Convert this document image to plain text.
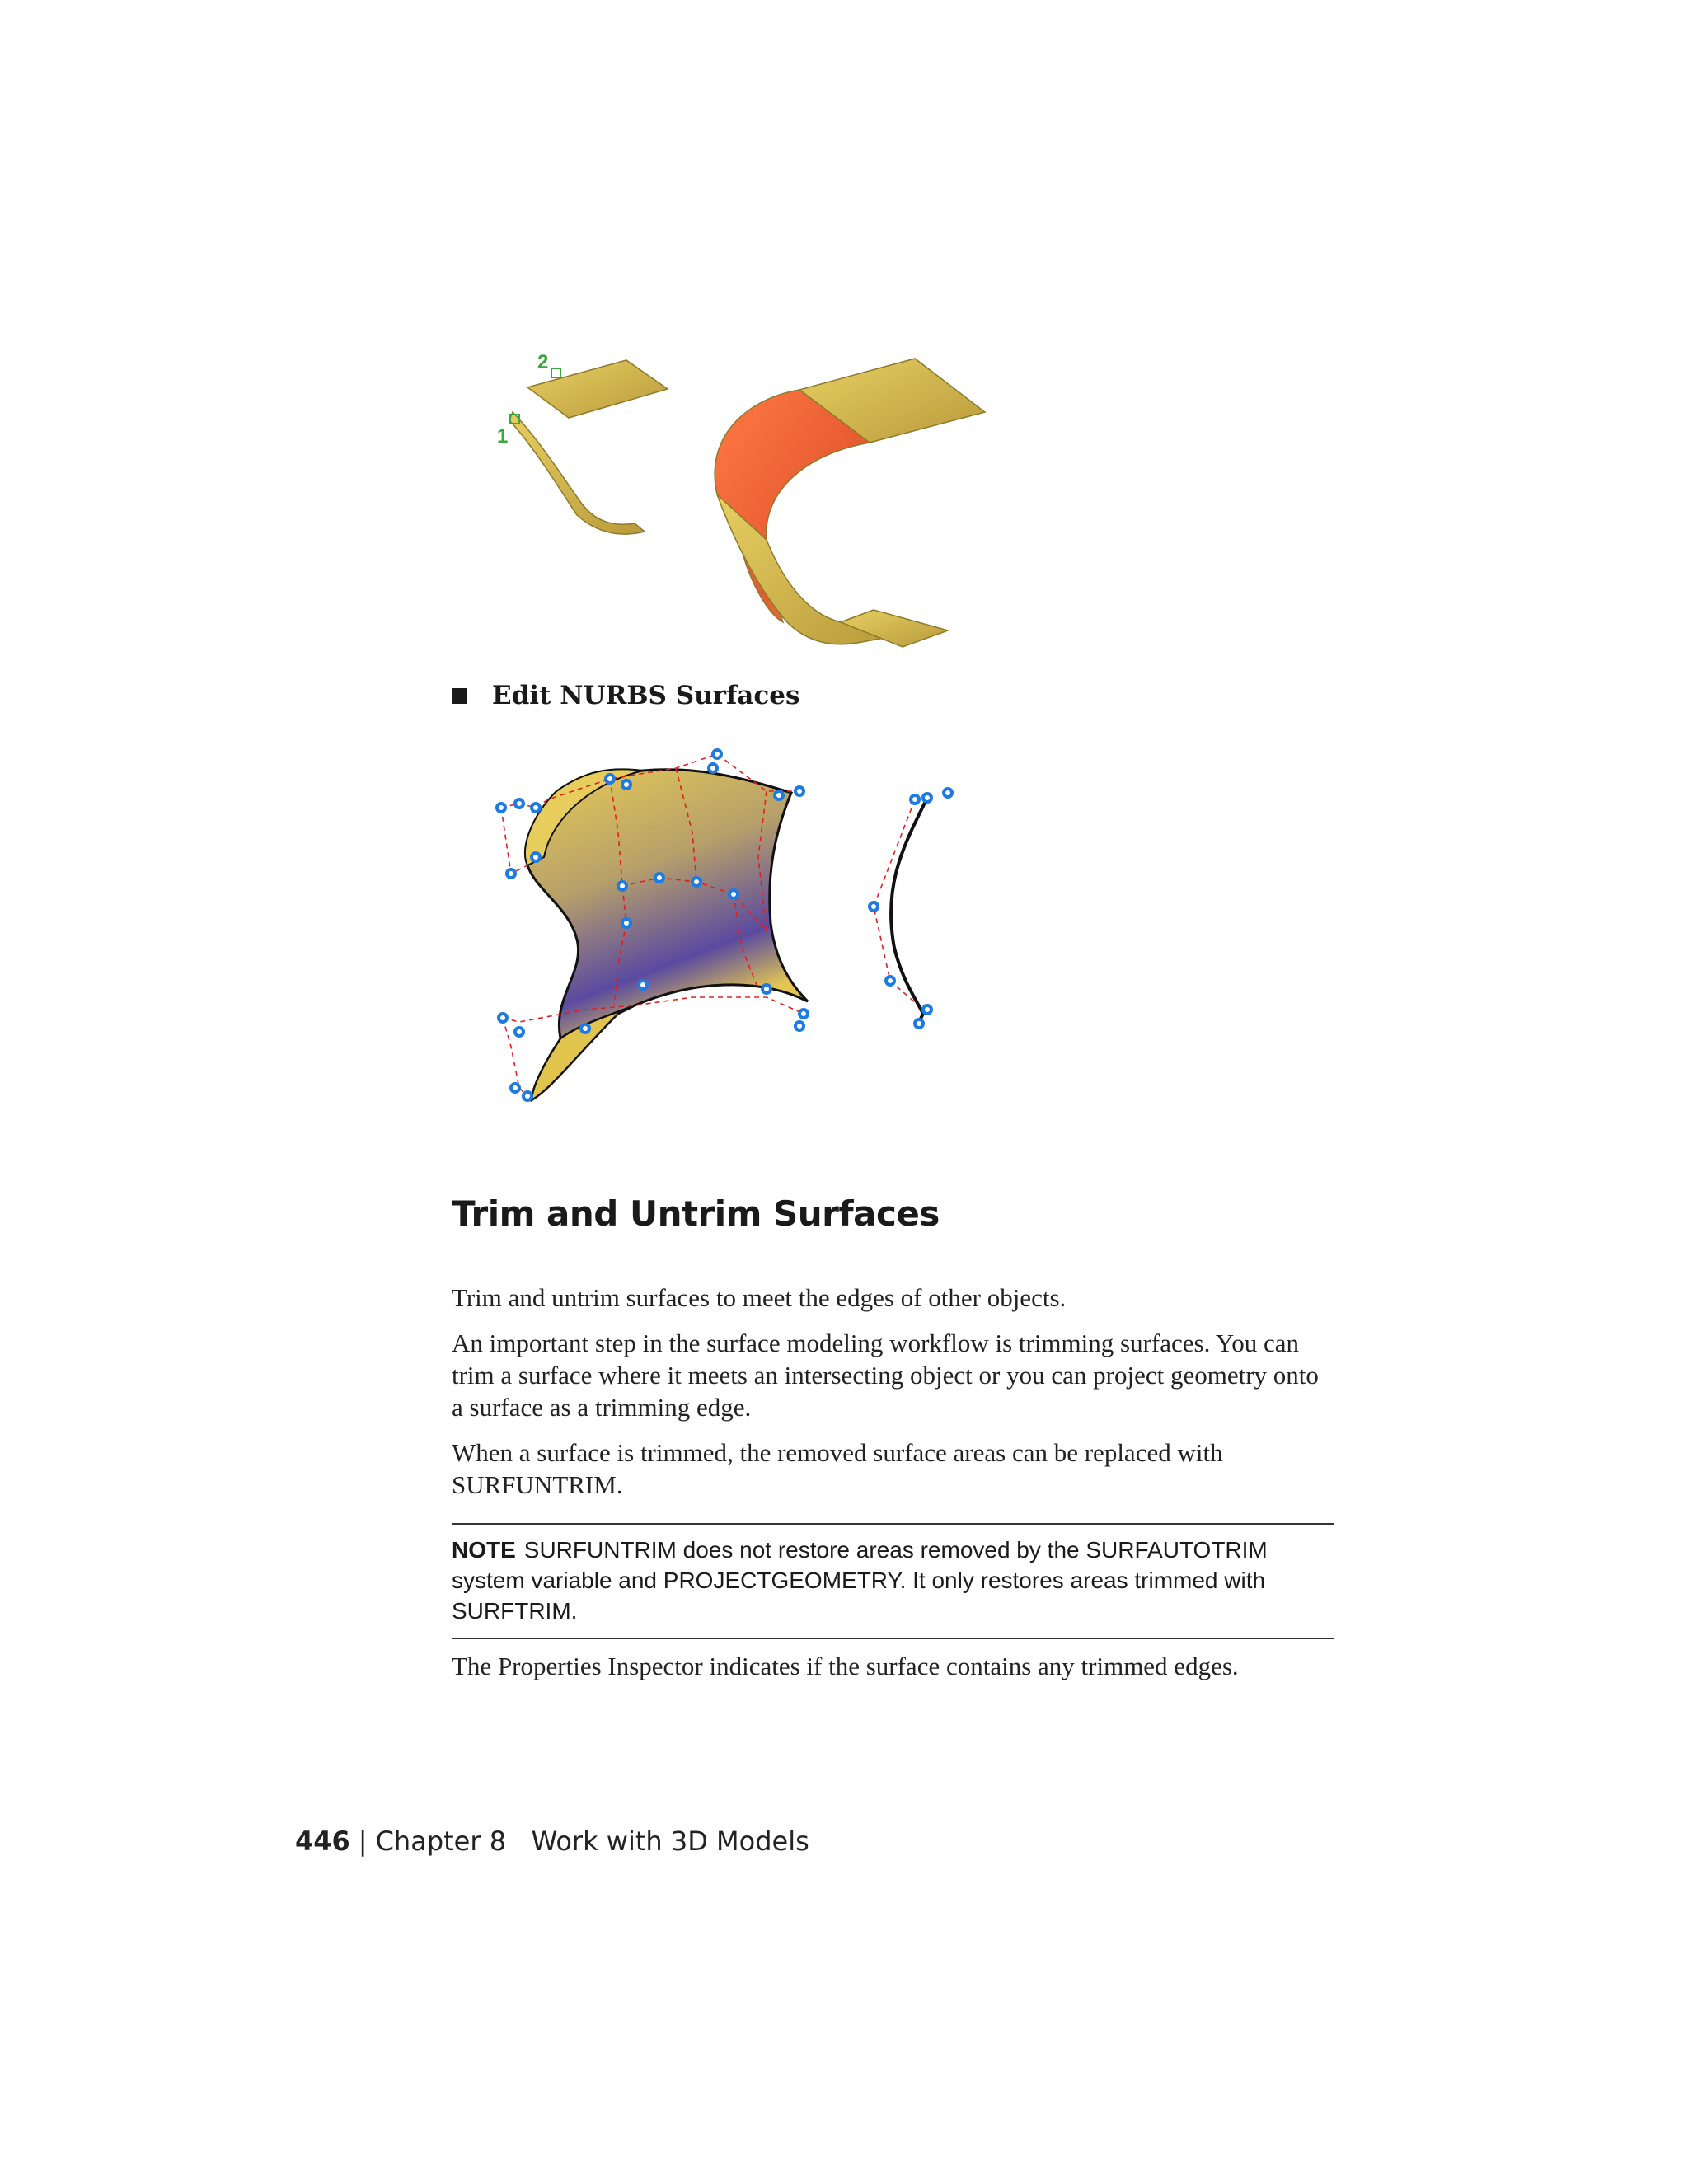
2
1
Edit NURBS Surfaces
Trim and Untrim Surfaces

Trim and untrim surfaces to meet the edges of other objects.

An important step in the surface modeling workflow is trimming surfaces. You can trim a surface where it meets an intersecting object or you can project geometry onto a surface as a trimming edge.

When a surface is trimmed, the removed surface areas can be replaced with SURFUNTRIM.

NOTE SURFUNTRIM does not restore areas removed by the SURFAUTOTRIM system variable and PROJECTGEOMETRY. It only restores areas trimmed with SURFTRIM.

The Properties Inspector indicates if the surface contains any trimmed edges.

446 | Chapter 8 Work with 3D Models
